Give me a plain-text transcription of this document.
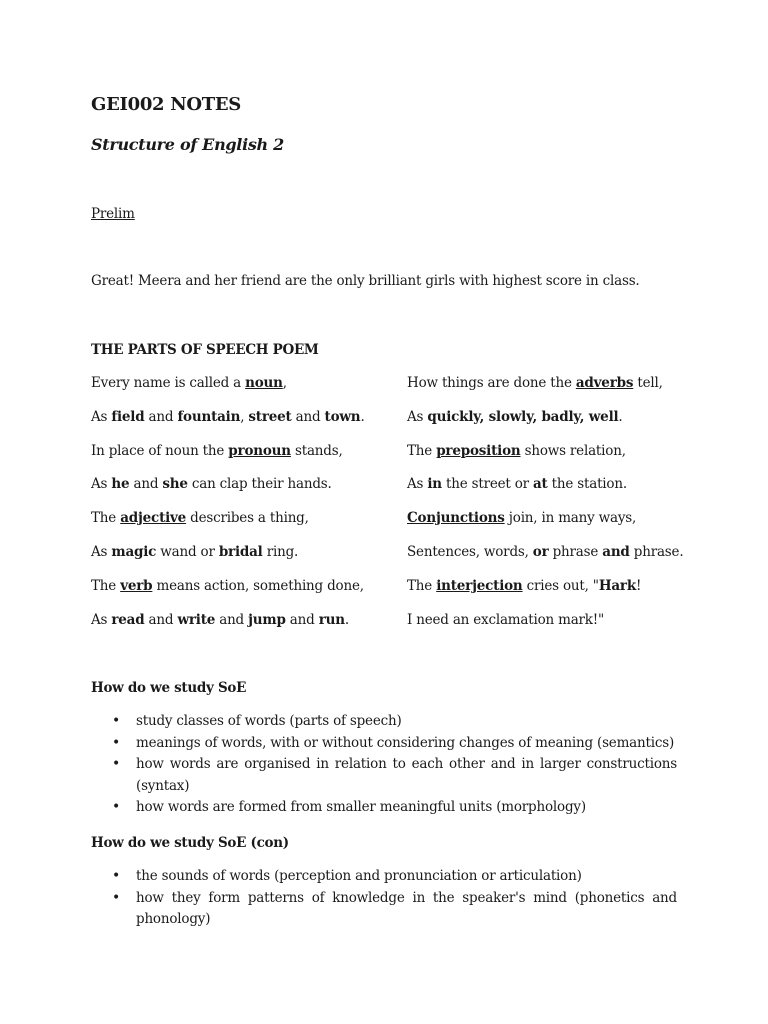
GEI002 NOTES
Structure of English 2
Prelim
Great! Meera and her friend are the only brilliant girls with highest score in class.
THE PARTS OF SPEECH POEM
Every name is called a noun,
As field and fountain, street and town.
In place of noun the pronoun stands,
As he and she can clap their hands.
The adjective describes a thing,
As magic wand or bridal ring.
The verb means action, something done,
As read and write and jump and run.
How things are done the adverbs tell,
As quickly, slowly, badly, well.
The preposition shows relation,
As in the street or at the station.
Conjunctions join, in many ways,
Sentences, words, or phrase and phrase.
The interjection cries out, "Hark!
I need an exclamation mark!"
How do we study SoE
• study classes of words (parts of speech)
• meanings of words, with or without considering changes of meaning (semantics)
• how words are organised in relation to each other and in larger constructions (syntax)
• how words are formed from smaller meaningful units (morphology)
How do we study SoE (con)
• the sounds of words (perception and pronunciation or articulation)
• how they form patterns of knowledge in the speaker's mind (phonetics and phonology)
